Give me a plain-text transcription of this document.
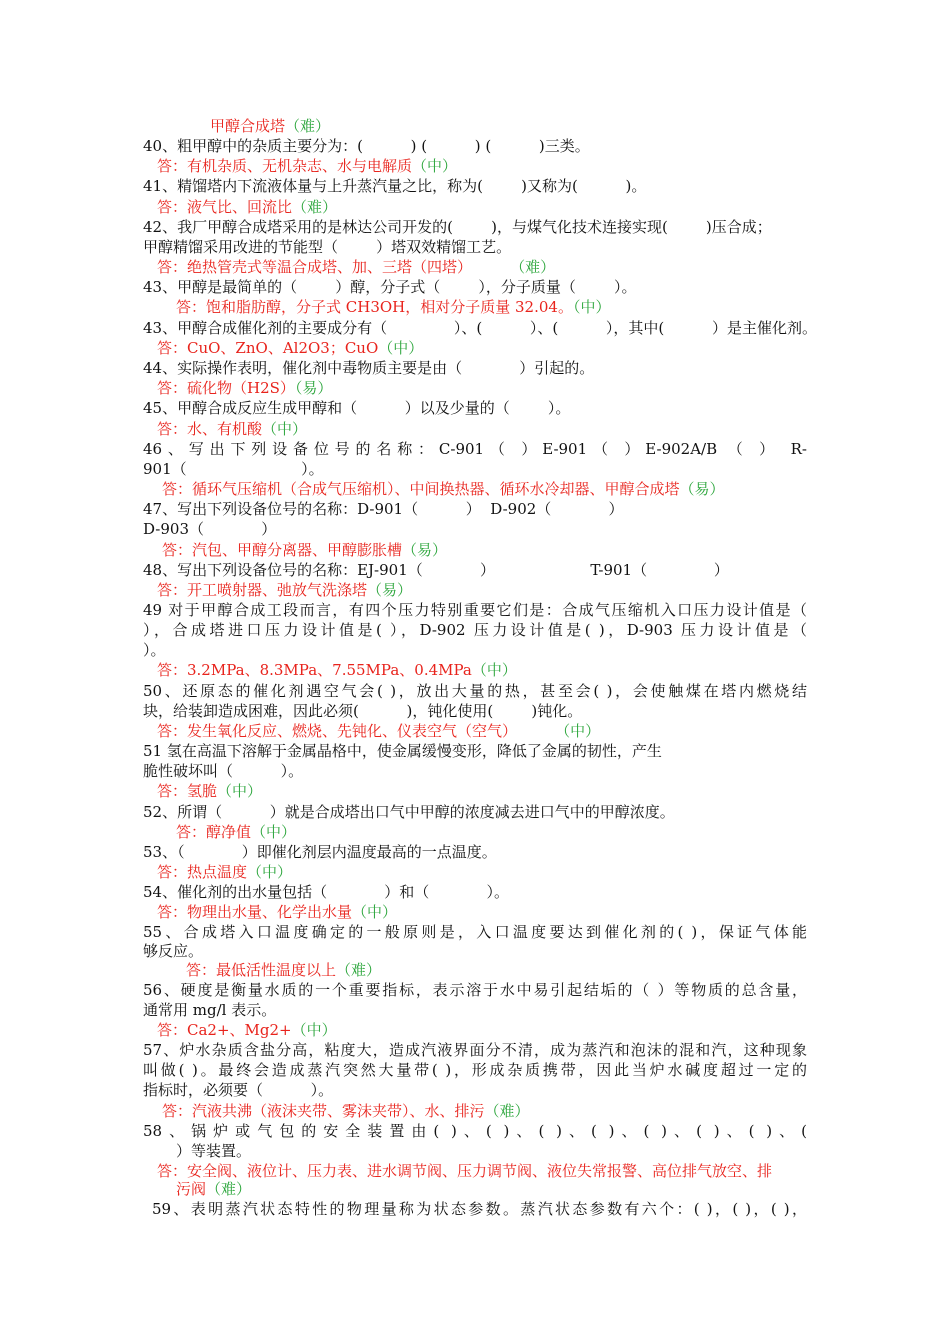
甲醇合成塔（难）
40、粗甲醇中的杂质主要分为：(          ) (          ) (          )三类。
答：有机杂质、无机杂志、水与电解质（中）
41、精馏塔内下流液体量与上升蒸汽量之比，称为(        )又称为(          )。
答：液气比、回流比（难）
42、我厂甲醇合成塔采用的是林达公司开发的(        )，与煤气化技术连接实现(        )压合成；
甲醇精馏采用改进的节能型（        ）塔双效精馏工艺。
答：绝热管壳式等温合成塔、加、三塔（四塔）        （难）
43、甲醇是最简单的（        ）醇，分子式（        ），分子质量（        ）。
答：饱和脂肪醇，分子式 CH3OH，相对分子质量 32.04。（中）
43、甲醇合成催化剂的主要成分有（              ）、(          ）、(          ），其中(          ）是主催化剂。
答：CuO、ZnO、Al2O3；CuO（中）
44、实际操作表明，催化剂中毒物质主要是由（            ）引起的。
答：硫化物（H2S）（易）
45、甲醇合成反应生成甲醇和（          ）以及少量的（        ）。
答：水、有机酸（中）
46、写出下列设备位号的名称：C-901（ ）E-901（ ）E-902A/B （ ） R-
901（                        ）。
答：循环气压缩机（合成气压缩机）、中间换热器、循环水冷却器、甲醇合成塔（易）
47、写出下列设备位号的名称：D-901（          ）  D-902（            ）
D-903（            ）
答：汽包、甲醇分离器、甲醇膨胀槽（易）
48、写出下列设备位号的名称：EJ-901（            ）                    T-901（              ）
答：开工喷射器、弛放气洗涤塔（易）
49 对于甲醇合成工段而言，有四个压力特别重要它们是：合成气压缩机入口压力设计值是（
），合成塔进口压力设计值是( ），D-902 压力设计值是( )，D-903 压力设计值是（
）。
答：3.2MPa、8.3MPa、7.55MPa、0.4MPa（中）
50、还原态的催化剂遇空气会( )，放出大量的热，甚至会( )，会使触煤在塔内燃烧结
块，给装卸造成困难，因此必须(          )，钝化使用(        )钝化。
答：发生氧化反应、燃烧、先钝化、仪表空气（空气）        （中）
51 氢在高温下溶解于金属晶格中，使金属缓慢变形，降低了金属的韧性，产生
脆性破坏叫（          ）。
答：氢脆（中）
52、所谓（          ）就是合成塔出口气中甲醇的浓度减去进口气中的甲醇浓度。
答：醇净值（中）
53、（            ）即催化剂层内温度最高的一点温度。
答：热点温度（中）
54、催化剂的出水量包括（            ）和（            ）。
答：物理出水量、化学出水量（中）
55、合成塔入口温度确定的一般原则是，入口温度要达到催化剂的( )，保证气体能
够反应。
答：最低活性温度以上（难）
56、硬度是衡量水质的一个重要指标，表示溶于水中易引起结垢的（ ）等物质的总含量，
通常用 mg/l 表示。
答：Ca2+、Mg2+（中）
57、炉水杂质含盐分高，粘度大，造成汽液界面分不清，成为蒸汽和泡沫的混和汽，这种现象
叫做( )。最终会造成蒸汽突然大量带( )，形成杂质携带，因此当炉水碱度超过一定的
指标时，必须要（          ）。
答：汽液共沸（液沫夹带、雾沫夹带）、水、排污（难）
58、锅炉或气包的安全装置由( )、( )、( )、( )、( )、( )、( )、(
）等装置。
答：安全阀、液位计、压力表、进水调节阀、压力调节阀、液位失常报警、高位排气放空、排
污阀（难）
59、表明蒸汽状态特性的物理量称为状态参数。蒸汽状态参数有六个：( )，( )，( )，
